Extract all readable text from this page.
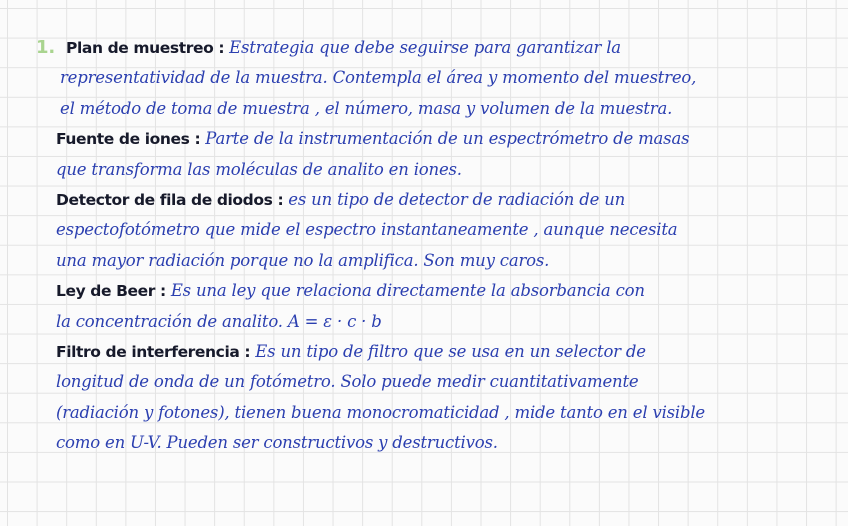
1. Plan de muestreo : Estrategia que debe seguirse para garantizar la
representatividad de la muestra. Contempla el área y momento del muestreo,
el método de toma de muestra , el número, masa y volumen de la muestra.
Fuente de iones : Parte de la instrumentación de un espectrómetro de masas
que transforma las moléculas de analito en iones.
Detector de fila de diodos : es un tipo de detector de radiación de un
espectofotómetro que mide el espectro instantaneamente , aunque necesita
una mayor radiación porque no la amplifica. Son muy caros.
Ley de Beer : Es una ley que relaciona directamente la absorbancia con
la concentración de analito. A = ε · c · b
Filtro de interferencia : Es un tipo de filtro que se usa en un selector de
longitud de onda de un fotómetro. Solo puede medir cuantitativamente
(radiación y fotones), tienen buena monocromaticidad , mide tanto en el visible
como en U-V. Pueden ser constructivos y destructivos.
